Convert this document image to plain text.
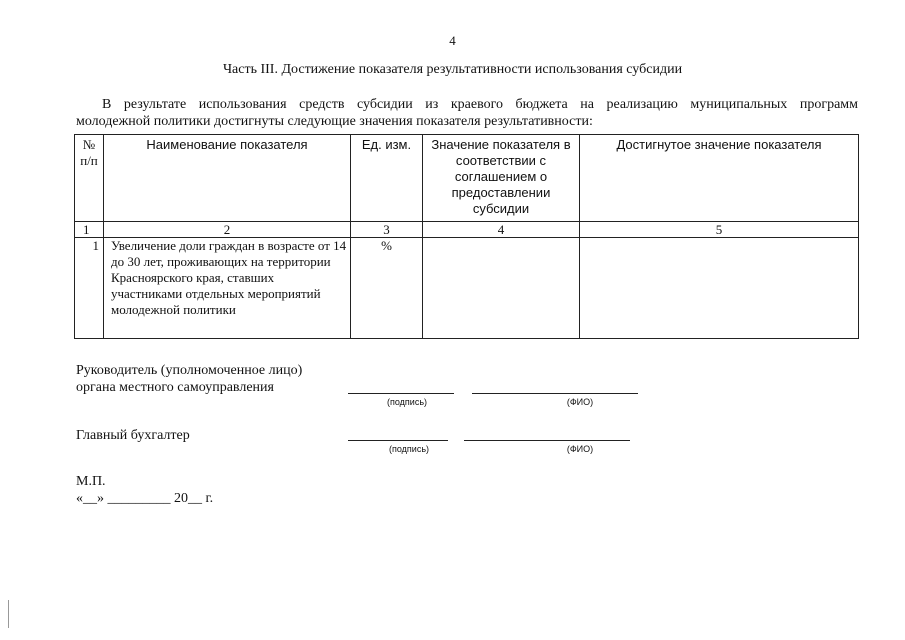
4
Часть III. Достижение показателя результативности использования субсидии
В результате использования средств субсидии из краевого бюджета на реализацию муниципальных программ
молодежной политики достигнуты следующие значения показателя результативности:
№ п/п	Наименование показателя	Ед. изм.	Значение показателя в соответствии с соглашением о предоставлении субсидии	Достигнутое значение показателя
1	2	3	4	5
1	Увеличение доли граждан в возрасте от 14 до 30 лет, проживающих на территории Красноярского края, ставших участниками отдельных мероприятий молодежной политики	%		
Руководитель (уполномоченное лицо)
органа местного самоуправления
(подпись)	(ФИО)
Главный бухгалтер
(подпись)	(ФИО)
М.П.
«__» _________ 20__ г.
